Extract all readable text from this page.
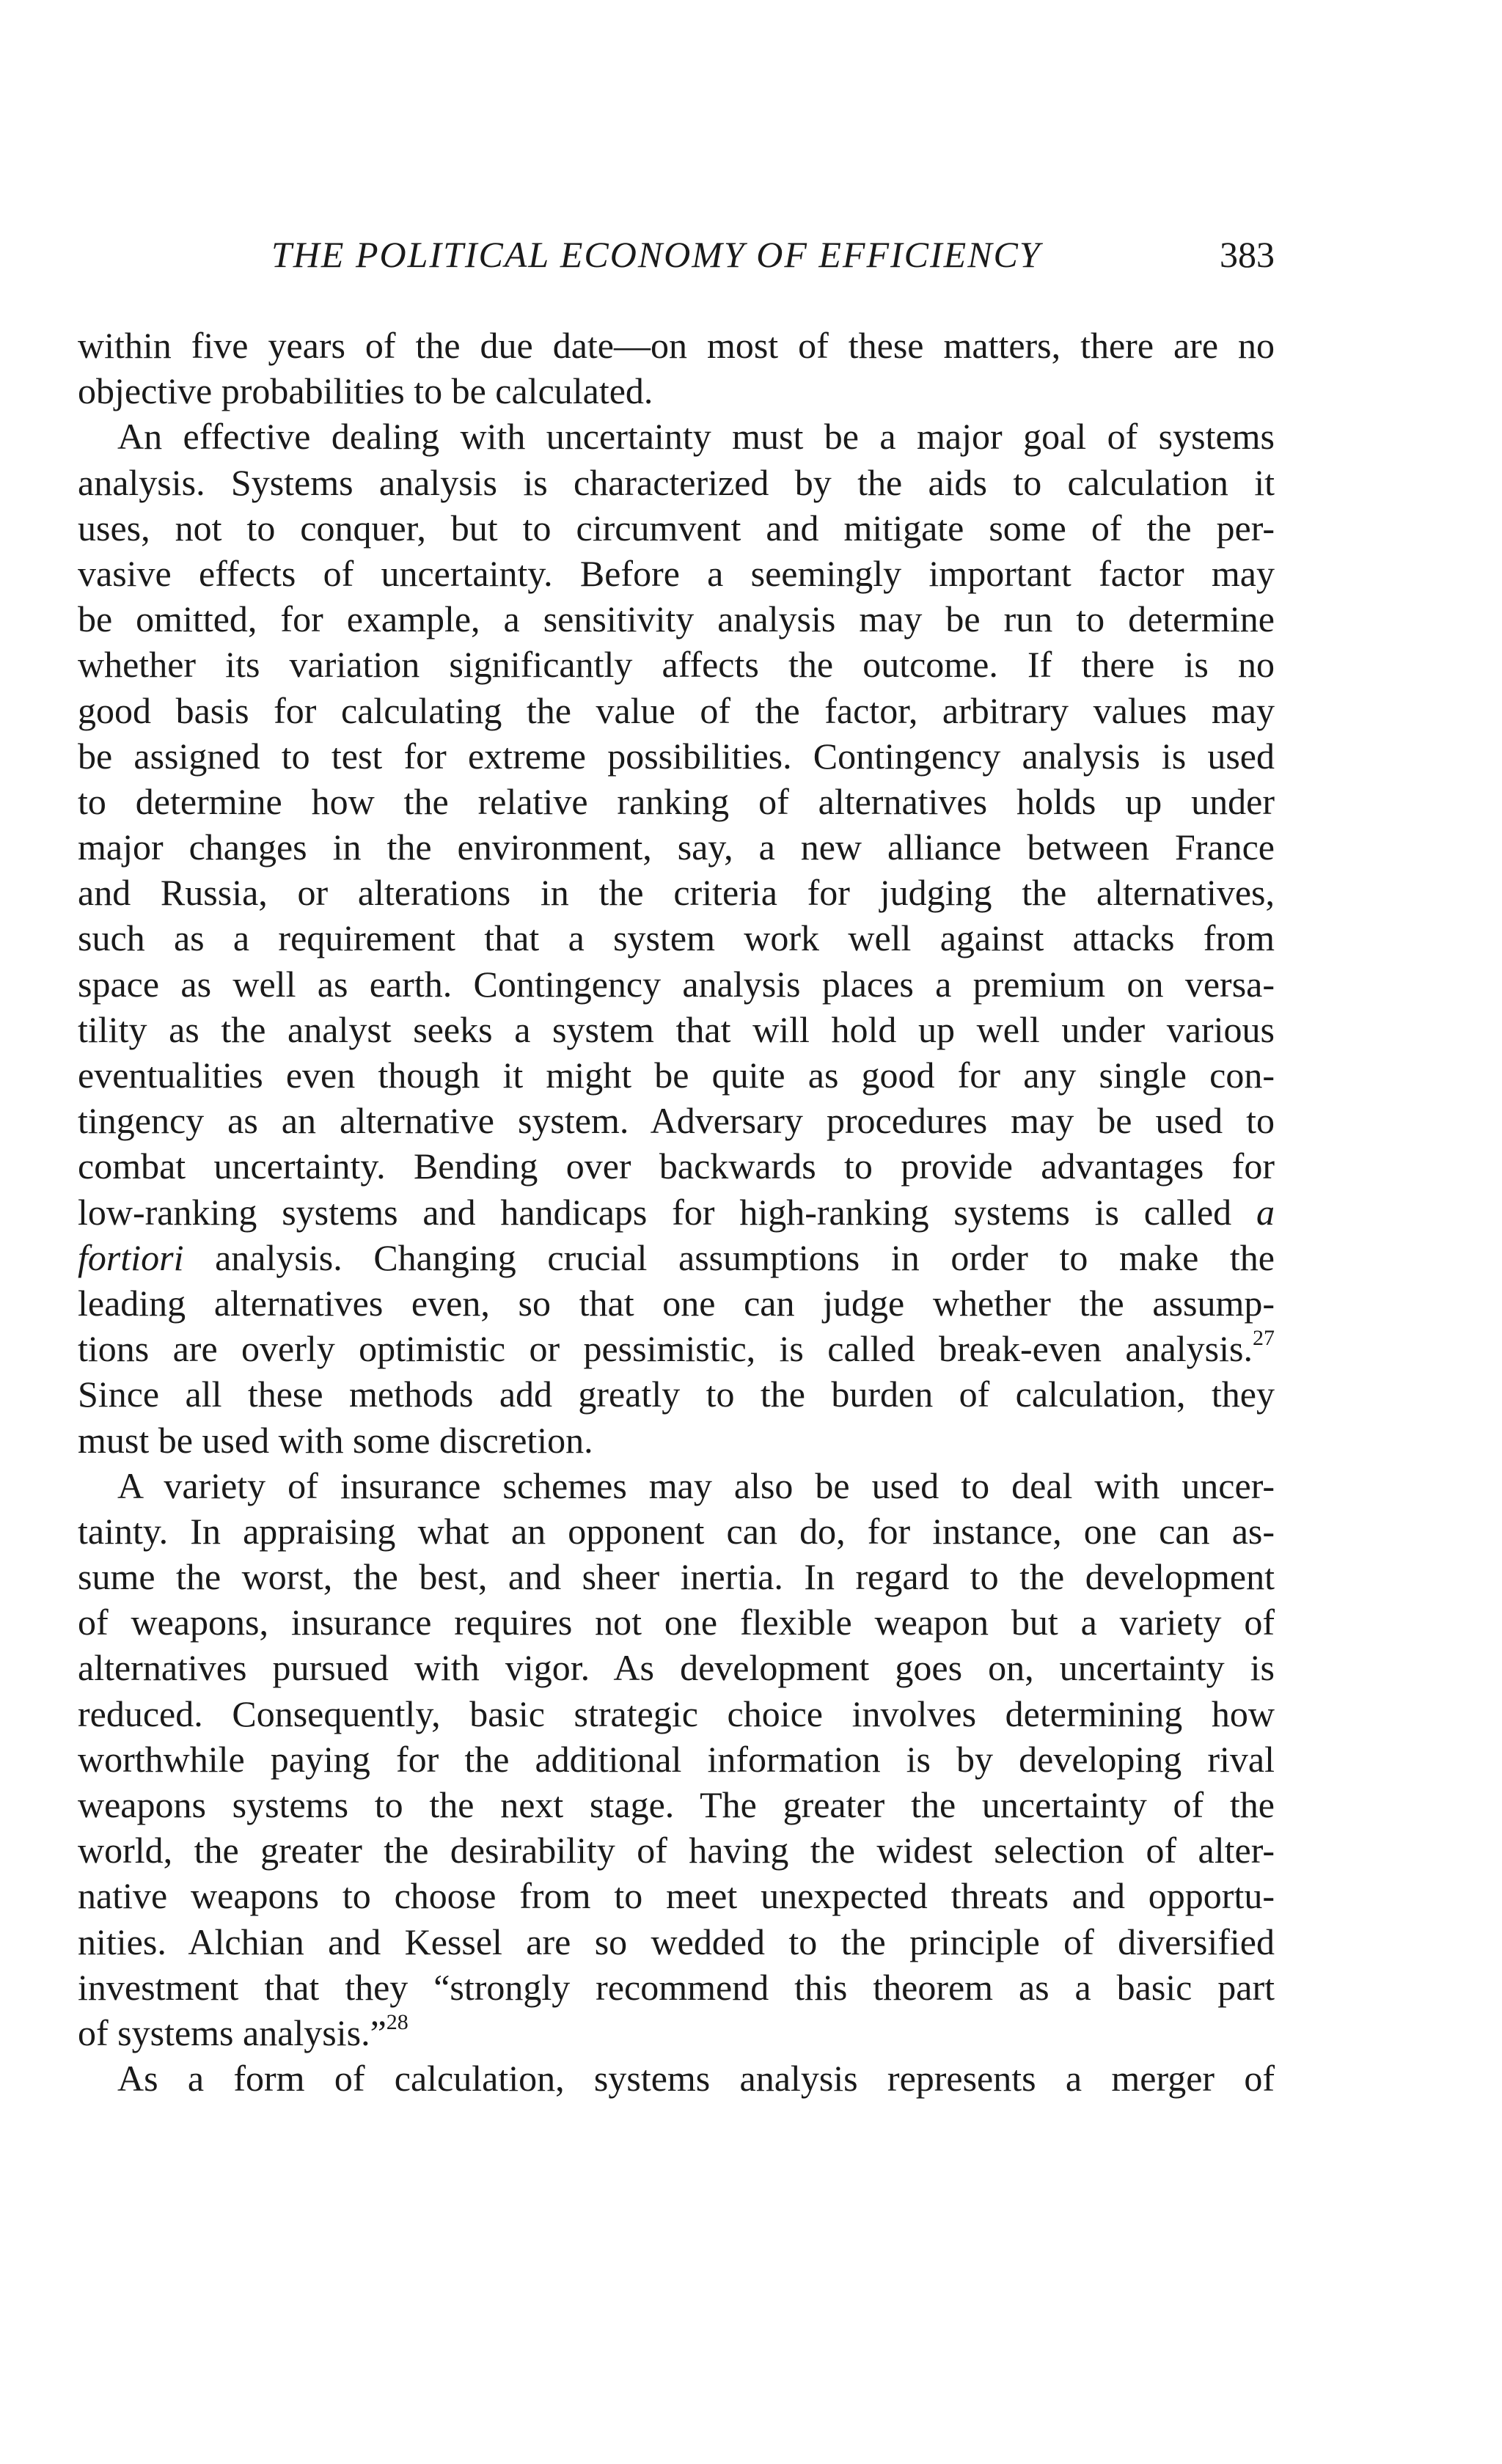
THE POLITICAL ECONOMY OF EFFICIENCY	383
within five years of the due date—on most of these matters, there are no
objective probabilities to be calculated.
An effective dealing with uncertainty must be a major goal of systems
analysis. Systems analysis is characterized by the aids to calculation it
uses, not to conquer, but to circumvent and mitigate some of the per-
vasive effects of uncertainty. Before a seemingly important factor may
be omitted, for example, a sensitivity analysis may be run to determine
whether its variation significantly affects the outcome. If there is no
good basis for calculating the value of the factor, arbitrary values may
be assigned to test for extreme possibilities. Contingency analysis is used
to determine how the relative ranking of alternatives holds up under
major changes in the environment, say, a new alliance between France
and Russia, or alterations in the criteria for judging the alternatives,
such as a requirement that a system work well against attacks from
space as well as earth. Contingency analysis places a premium on versa-
tility as the analyst seeks a system that will hold up well under various
eventualities even though it might be quite as good for any single con-
tingency as an alternative system. Adversary procedures may be used to
combat uncertainty. Bending over backwards to provide advantages for
low-ranking systems and handicaps for high-ranking systems is called a
fortiori analysis. Changing crucial assumptions in order to make the
leading alternatives even, so that one can judge whether the assump-
tions are overly optimistic or pessimistic, is called break-even analysis.$^{27}$
Since all these methods add greatly to the burden of calculation, they
must be used with some discretion.
A variety of insurance schemes may also be used to deal with uncer-
tainty. In appraising what an opponent can do, for instance, one can as-
sume the worst, the best, and sheer inertia. In regard to the development
of weapons, insurance requires not one flexible weapon but a variety of
alternatives pursued with vigor. As development goes on, uncertainty is
reduced. Consequently, basic strategic choice involves determining how
worthwhile paying for the additional information is by developing rival
weapons systems to the next stage. The greater the uncertainty of the
world, the greater the desirability of having the widest selection of alter-
native weapons to choose from to meet unexpected threats and opportu-
nities. Alchian and Kessel are so wedded to the principle of diversified
investment that they “strongly recommend this theorem as a basic part
of systems analysis.”$^{28}$
As a form of calculation, systems analysis represents a merger of
